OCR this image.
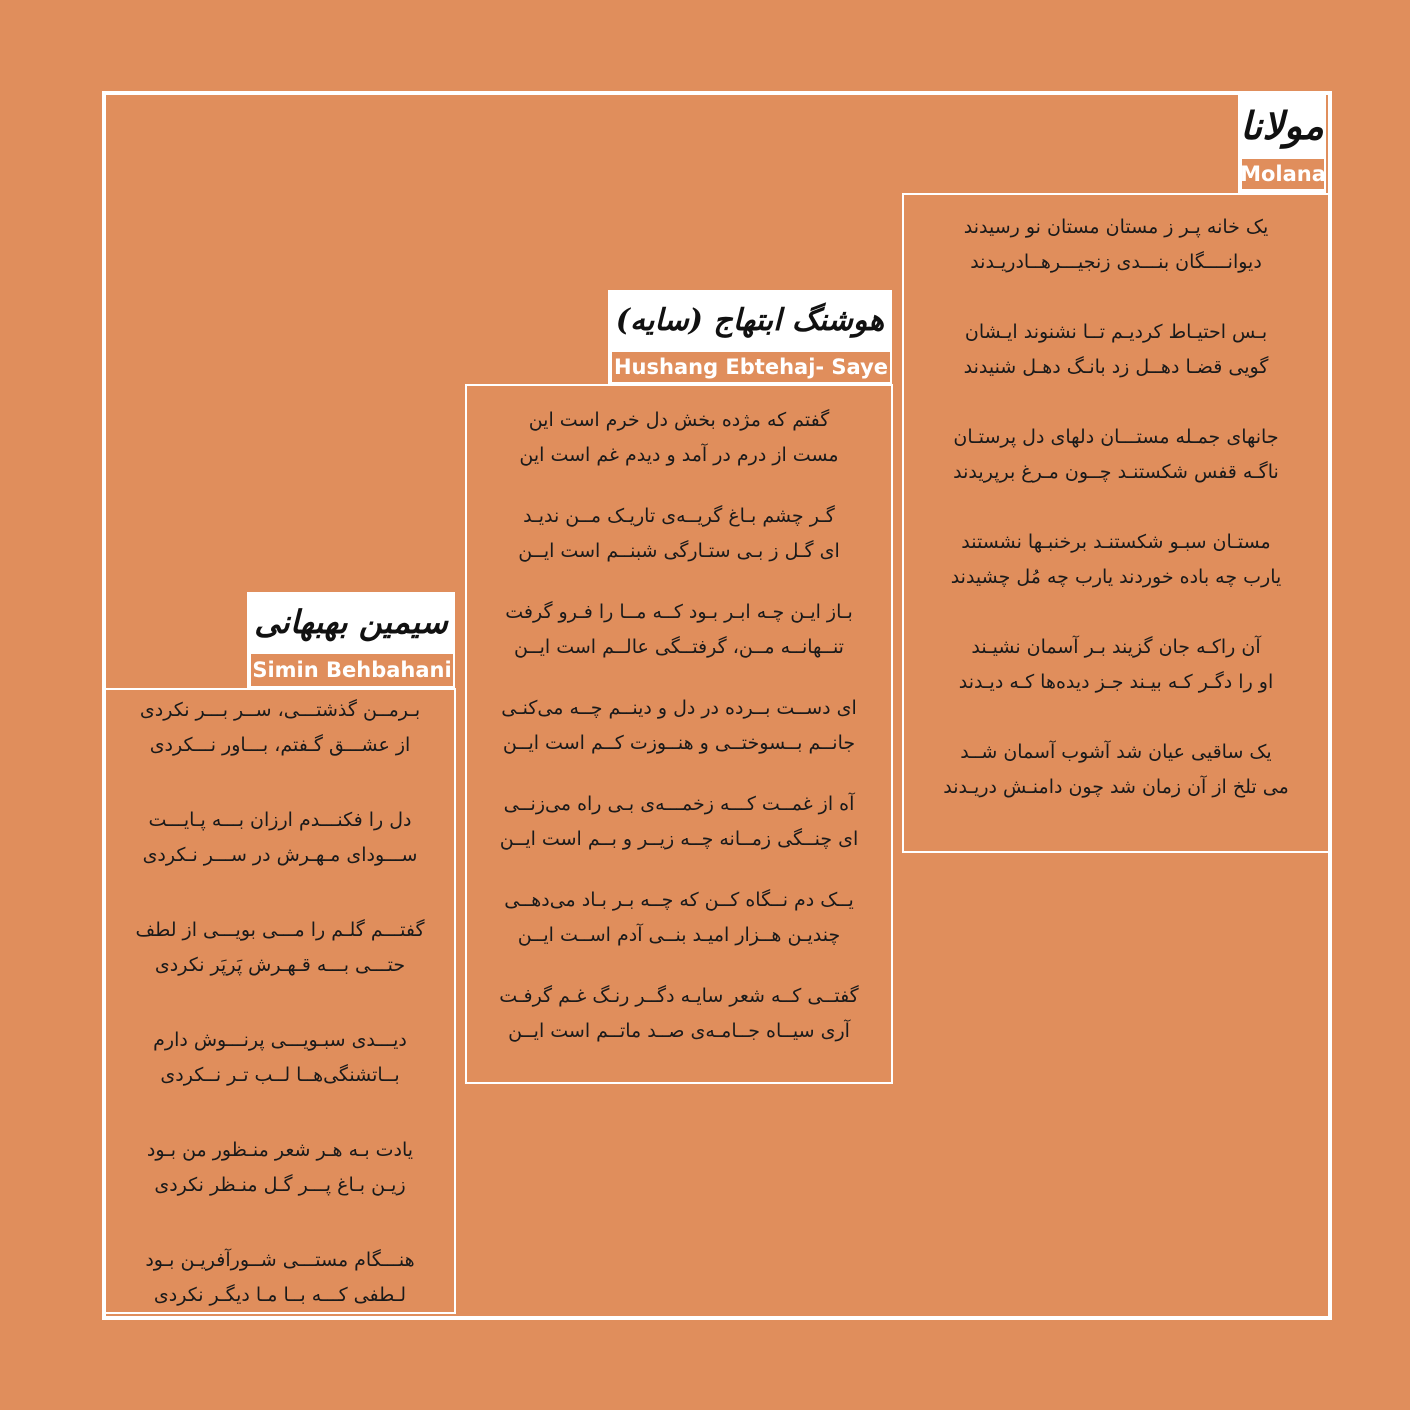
مولانا
Molana

یک خانه پـر ز مستان مستان نو رسیدند
دیوانــــگان بنـــدی زنجیـــرهــادریـدند

بـس احتیـاط کردیـم تــا نشنوند ایـشان
گویی قضـا دهــل زد بانـگ دهـل شنیدند

جانهای جمـله مستـــان دلهای دل پرستـان
ناگـه قفس شکستنـد چــون مـرغ برپریدند

مستـان سبـو شکستنـد برخنبـها نشستند
یارب چه باده خوردند یارب چه مُل چشیدند

آن راکـه جان گزیند بـر آسمان نشیـند
او را دگـر کـه بیـند جـز دیده‌ها کـه دیـدند

یک ساقیی عیان شد آشوب آسمان شــد
می تلخ از آن زمان شد چون دامنـش دریـدند

هوشنگ ابتهاج (سایه)
Hushang Ebtehaj- Saye

گفتم که مژده بخش دل خرم است این
مست از درم در آمد و دیدم غم است این

گـر چشم بـاغ گریــه‌ی تاریـک مــن ندیـد
ای گـل ز بـی ستـارگی شبنــم است ایــن

بـاز ایـن چـه ابـر بـود کــه مــا را فـرو گرفت
تنــهانــه مــن، گرفتــگی عالــم است ایــن

ای دســت بــرده در دل و دینــم چــه می‌کنـی
جانــم بــسوختــی و هنــوزت کــم است ایــن

آه از غمــت کـــه زخمـــه‌ی بـی راه می‌زنــی
ای چنــگی زمــانه چــه زیــر و بــم است ایــن

یــک دم نــگاه کــن که چــه بـر بـاد می‌دهــی
چندیـن هــزار امیـد بنــی آدم اســت ایــن

گفتــی کــه شعر سایـه دگــر رنـگ غـم گرفـت
آری سیــاه جــامـه‌ی صــد ماتــم است ایــن

سیمین بهبهانی
Simin Behbahani

بـرمــن گذشتـــی، ســر بـــر نکردی
از عشـــق گـفتم، بـــاور نـــکردی

دل را فکنـــدم ارزان بـــه پـایـــت
ســـودای مـهـرش در ســـر نـکردی

گفتـــم گلـم را مـــی بویـــی از لطف
حتـــی بـــه قـهـرش پَرپَر نکردی

دیـــدی سبـویـــی پرنـــوش دارم
بــاتشنگی‌هــا لــب تـر نــکردی

یادت بـه هـر شعر منـظور من بـود
زیـن بـاغ پـــر گـل منـظر نکردی

هنـــگام مستـــی شــورآفریـن بـود
لـطفی کـــه بــا مـا دیگـر نکردی
